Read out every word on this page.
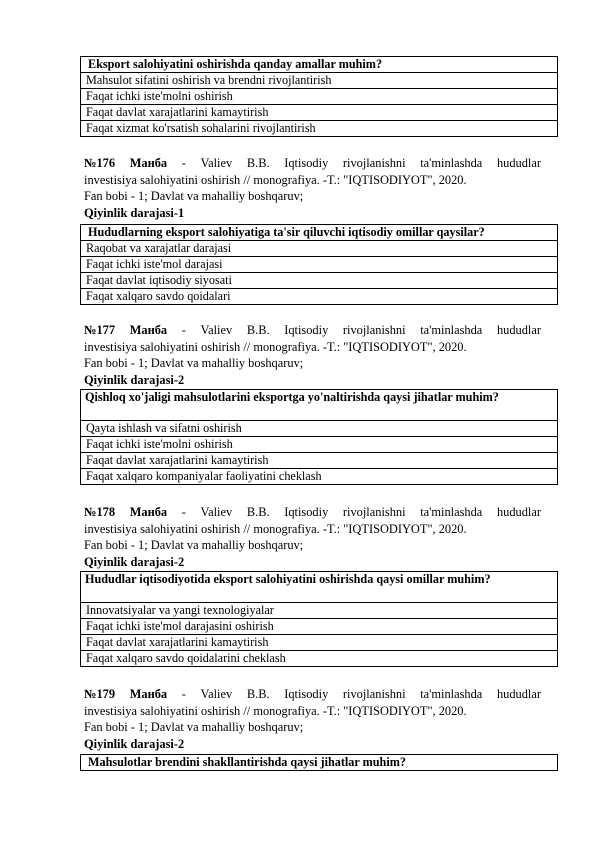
Eksport salohiyatini oshirishda qanday amallar muhim?
Mahsulot sifatini oshirish va brendni rivojlantirish
Faqat ichki iste'molni oshirish
Faqat davlat xarajatlarini kamaytirish
Faqat xizmat ko'rsatish sohalarini rivojlantirish
№176 Манба - Valiev B.B. Iqtisodiy rivojlanishni ta'minlashda hududlar
investisiya salohiyatini oshirish // monografiya. -T.: "IQTISODIYOT", 2020.
Fan bobi - 1; Davlat va mahalliy boshqaruv;
Qiyinlik darajasi-1
Hududlarning eksport salohiyatiga ta'sir qiluvchi iqtisodiy omillar qaysilar?
Raqobat va xarajatlar darajasi
Faqat ichki iste'mol darajasi
Faqat davlat iqtisodiy siyosati
Faqat xalqaro savdo qoidalari
№177 Манба - Valiev B.B. Iqtisodiy rivojlanishni ta'minlashda hududlar
investisiya salohiyatini oshirish // monografiya. -T.: "IQTISODIYOT", 2020.
Fan bobi - 1; Davlat va mahalliy boshqaruv;
Qiyinlik darajasi-2
Qishloq xo'jaligi mahsulotlarini eksportga yo'naltirishda qaysi jihatlar muhim?
Qayta ishlash va sifatni oshirish
Faqat ichki iste'molni oshirish
Faqat davlat xarajatlarini kamaytirish
Faqat xalqaro kompaniyalar faoliyatini cheklash
№178 Манба - Valiev B.B. Iqtisodiy rivojlanishni ta'minlashda hududlar
investisiya salohiyatini oshirish // monografiya. -T.: "IQTISODIYOT", 2020.
Fan bobi - 1; Davlat va mahalliy boshqaruv;
Qiyinlik darajasi-2
Hududlar iqtisodiyotida eksport salohiyatini oshirishda qaysi omillar muhim?
Innovatsiyalar va yangi texnologiyalar
Faqat ichki iste'mol darajasini oshirish
Faqat davlat xarajatlarini kamaytirish
Faqat xalqaro savdo qoidalarini cheklash
№179 Манба - Valiev B.B. Iqtisodiy rivojlanishni ta'minlashda hududlar
investisiya salohiyatini oshirish // monografiya. -T.: "IQTISODIYOT", 2020.
Fan bobi - 1; Davlat va mahalliy boshqaruv;
Qiyinlik darajasi-2
Mahsulotlar brendini shakllantirishda qaysi jihatlar muhim?
